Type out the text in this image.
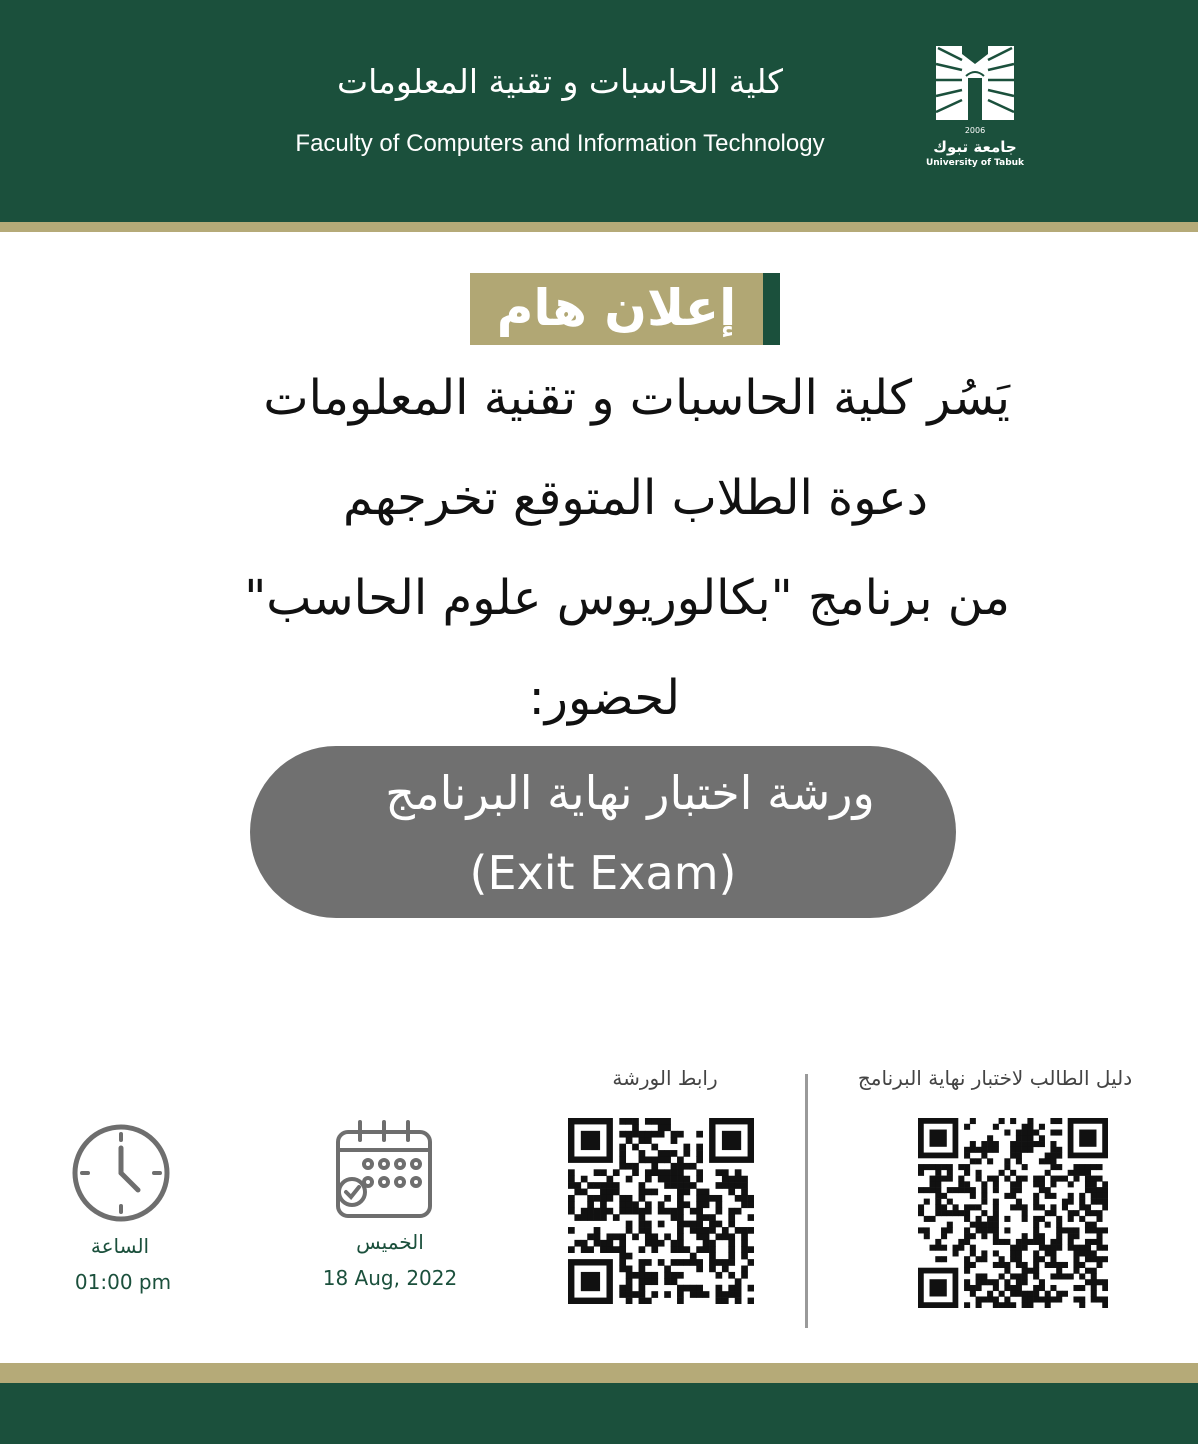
كلية الحاسبات و تقنية المعلومات
Faculty of Computers and Information Technology	2006
جامعة تبوك
University of Tabuk
إعلان هام
يَسُر كلية الحاسبات و تقنية المعلومات
دعوة الطلاب المتوقع تخرجهم
من برنامج "بكالوريوس علوم الحاسب"
لحضور:
ورشة اختبار نهاية البرنامج
(Exit Exam)
دليل الطالب لاختبار نهاية البرنامج
رابط الورشة
الخميس
18 Aug, 2022
الساعة
01:00 pm
